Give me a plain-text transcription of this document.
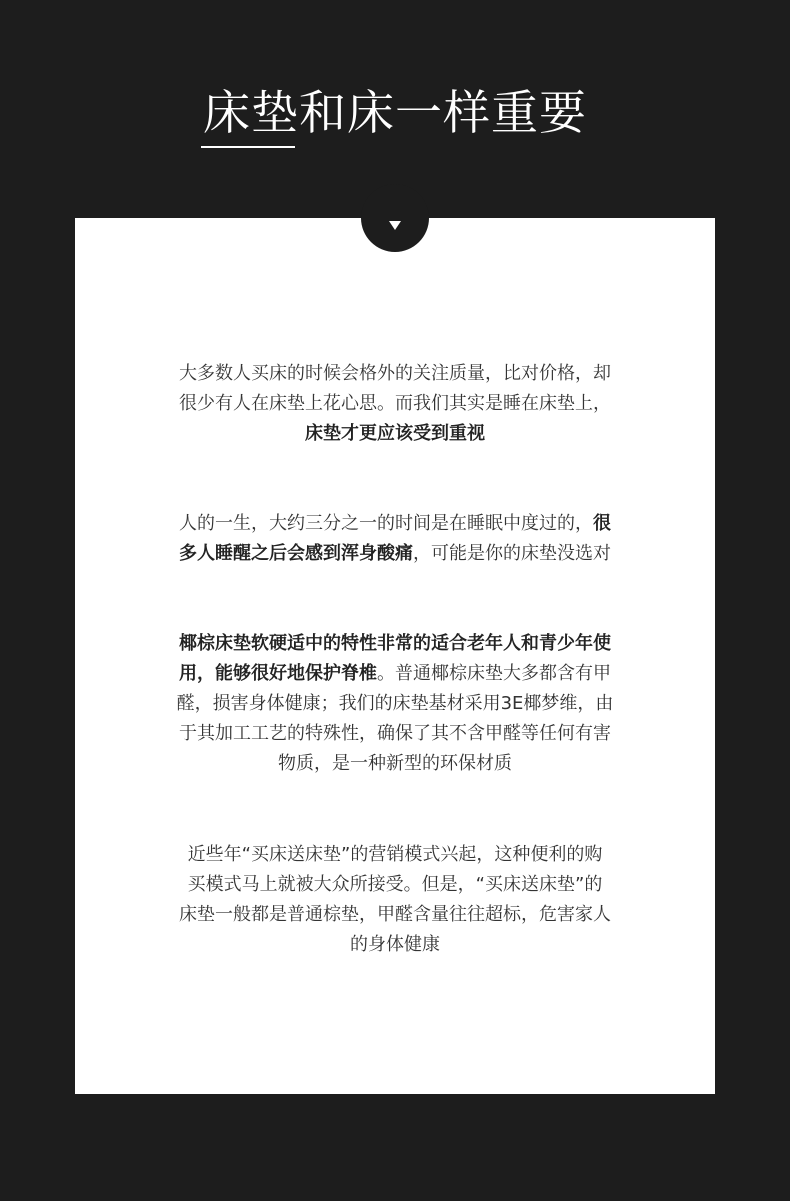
床垫和床一样重要

大多数人买床的时候会格外的关注质量，比对价格，却
很少有人在床垫上花心思。而我们其实是睡在床垫上，
床垫才更应该受到重视

人的一生，大约三分之一的时间是在睡眠中度过的，很
多人睡醒之后会感到浑身酸痛，可能是你的床垫没选对

椰棕床垫软硬适中的特性非常的适合老年人和青少年使
用，能够很好地保护脊椎。普通椰棕床垫大多都含有甲
醛，损害身体健康；我们的床垫基材采用3E椰梦维，由
于其加工工艺的特殊性，确保了其不含甲醛等任何有害
物质，是一种新型的环保材质

近些年“买床送床垫”的营销模式兴起，这种便利的购
买模式马上就被大众所接受。但是，“买床送床垫”的
床垫一般都是普通棕垫，甲醛含量往往超标，危害家人
的身体健康
